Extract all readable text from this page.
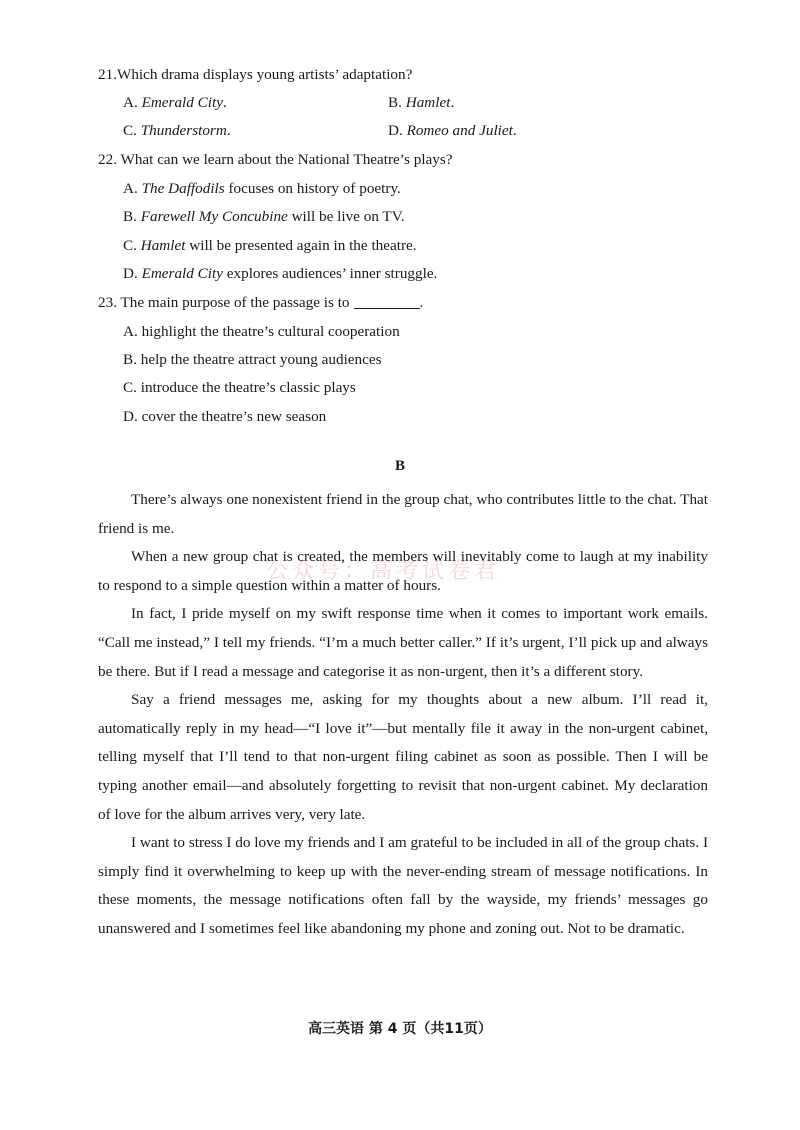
21.Which drama displays young artists’ adaptation?
A. Emerald City.	B. Hamlet.
C. Thunderstorm.	D. Romeo and Juliet.
22. What can we learn about the National Theatre’s plays?
A. The Daffodils focuses on history of poetry.
B. Farewell My Concubine will be live on TV.
C. Hamlet will be presented again in the theatre.
D. Emerald City explores audiences’ inner struggle.
23. The main purpose of the passage is to	.
A. highlight the theatre’s cultural cooperation
B. help the theatre attract young audiences
C. introduce the theatre’s classic plays
D. cover the theatre’s new season
B
公众号：高考试卷君

There’s always one nonexistent friend in the group chat, who contributes little to the chat. That friend is me.

When a new group chat is created, the members will inevitably come to laugh at my inability to respond to a simple question within a matter of hours.

In fact, I pride myself on my swift response time when it comes to important work emails. “Call me instead,” I tell my friends. “I’m a much better caller.” If it’s urgent, I’ll pick up and always be there. But if I read a message and categorise it as non-urgent, then it’s a different story.

Say a friend messages me, asking for my thoughts about a new album. I’ll read it, automatically reply in my head—“I love it”—but mentally file it away in the non-urgent cabinet, telling myself that I’ll tend to that non-urgent filing cabinet as soon as possible. Then I will be typing another email—and absolutely forgetting to revisit that non-urgent cabinet. My declaration of love for the album arrives very, very late.

I want to stress I do love my friends and I am grateful to be included in all of the group chats. I simply find it overwhelming to keep up with the never-ending stream of message notifications. In these moments, the message notifications often fall by the wayside, my friends’ messages go unanswered and I sometimes feel like abandoning my phone and zoning out. Not to be dramatic.

高三英语 第 4 页（共11页）
